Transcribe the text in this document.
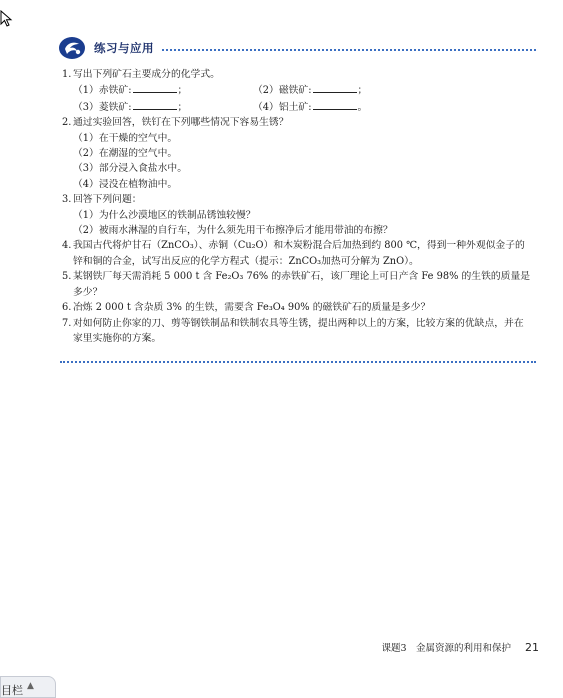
练习与应用
1. 写出下列矿石主要成分的化学式。
（1）赤铁矿:	；	（2）磁铁矿:	；
（3）菱铁矿:	；	（4）铝土矿:	。
2. 通过实验回答，铁钉在下列哪些情况下容易生锈？
（1）在干燥的空气中。
（2）在潮湿的空气中。
（3）部分浸入食盐水中。
（4）浸没在植物油中。
3. 回答下列问题：
（1）为什么沙漠地区的铁制品锈蚀较慢？
（2）被雨水淋湿的自行车，为什么须先用干布擦净后才能用带油的布擦？
4. 我国古代将炉甘石（ZnCO₃）、赤铜（Cu₂O）和木炭粉混合后加热到约 800 ℃，得到一种外观似金子的锌和铜的合金，试写出反应的化学方程式（提示：ZnCO₃加热可分解为 ZnO）。
5. 某钢铁厂每天需消耗 5 000 t 含 Fe₂O₃ 76% 的赤铁矿石，该厂理论上可日产含 Fe 98% 的生铁的质量是多少？
6. 冶炼 2 000 t 含杂质 3% 的生铁，需要含 Fe₃O₄ 90% 的磁铁矿石的质量是多少？
7. 对如何防止你家的刀、剪等钢铁制品和铁制农具等生锈，提出两种以上的方案，比较方案的优缺点，并在家里实施你的方案。
课题3　金属资源的利用和保护 21
目栏 ▲
